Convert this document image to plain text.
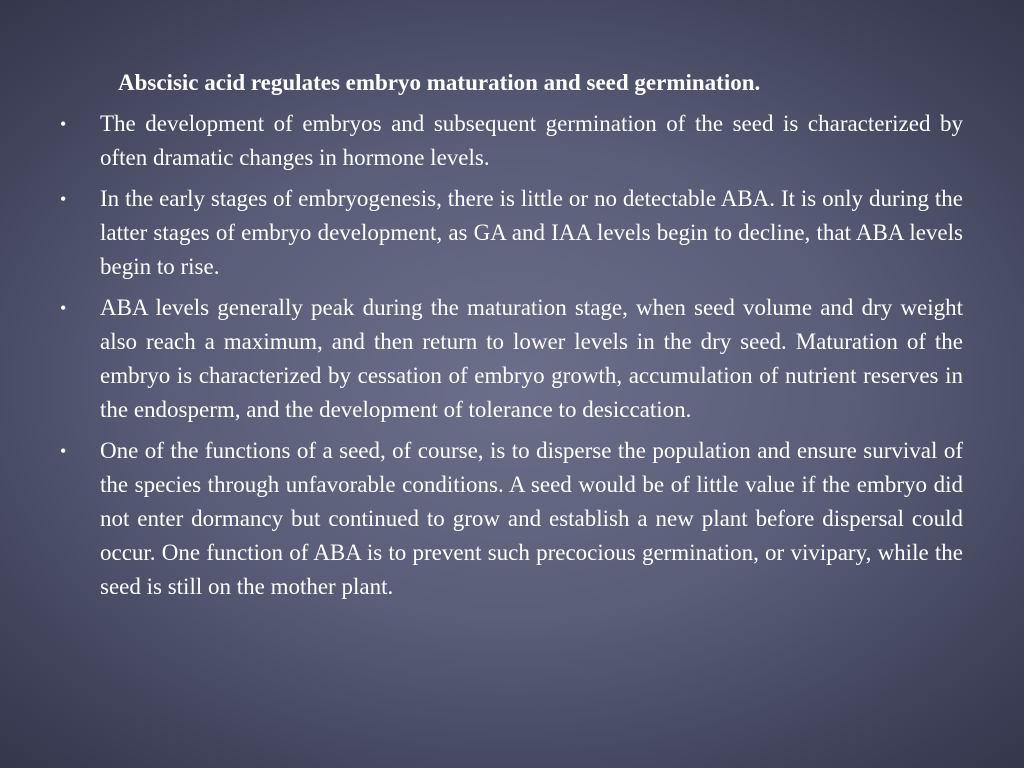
Abscisic acid regulates embryo maturation and seed germination.
• The development of embryos and subsequent germination of the seed is characterized by often dramatic changes in hormone levels.
• In the early stages of embryogenesis, there is little or no detectable ABA. It is only during the latter stages of embryo development, as GA and IAA levels begin to decline, that ABA levels begin to rise.
• ABA levels generally peak during the maturation stage, when seed volume and dry weight also reach a maximum, and then return to lower levels in the dry seed. Maturation of the embryo is characterized by cessation of embryo growth, accumulation of nutrient reserves in the endosperm, and the development of tolerance to desiccation.
• One of the functions of a seed, of course, is to disperse the population and ensure survival of the species through unfavorable conditions. A seed would be of little value if the embryo did not enter dormancy but continued to grow and establish a new plant before dispersal could occur. One function of ABA is to prevent such precocious germination, or vivipary, while the seed is still on the mother plant.
